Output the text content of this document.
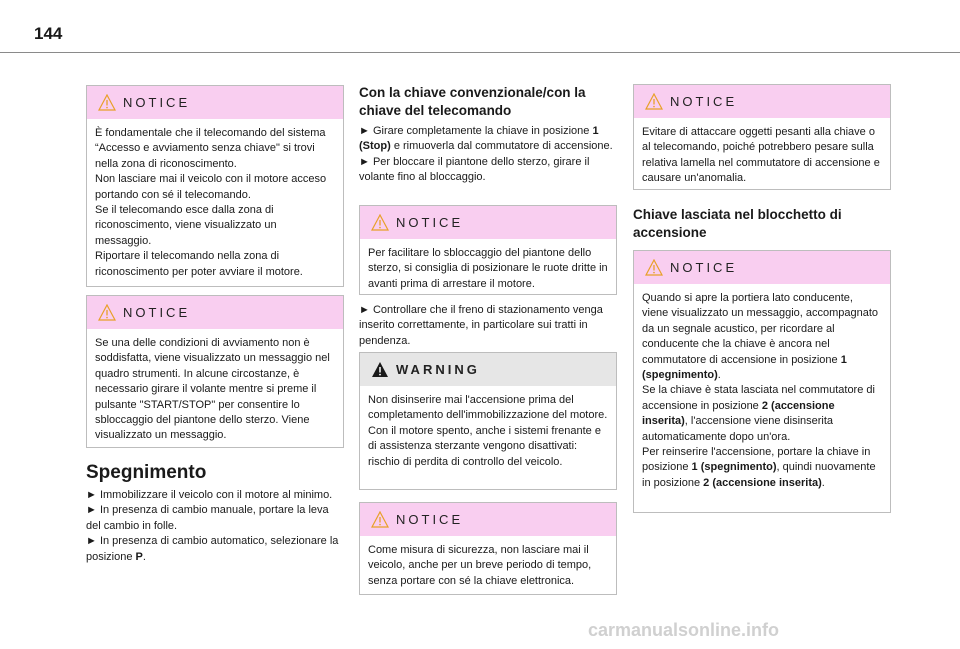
144
NOTICE
È fondamentale che il telecomando del sistema “Accesso e avviamento senza chiave" si trovi nella zona di riconoscimento.
Non lasciare mai il veicolo con il motore acceso portando con sé il telecomando.
Se il telecomando esce dalla zona di riconoscimento, viene visualizzato un messaggio.
Riportare il telecomando nella zona di riconoscimento per poter avviare il motore.
NOTICE
Se una delle condizioni di avviamento non è soddisfatta, viene visualizzato un messaggio nel quadro strumenti. In alcune circostanze, è necessario girare il volante mentre si preme il pulsante "START/STOP" per consentire lo sbloccaggio del piantone dello sterzo. Viene visualizzato un messaggio.
Spegnimento
► Immobilizzare il veicolo con il motore al minimo.
► In presenza di cambio manuale, portare la leva del cambio in folle.
► In presenza di cambio automatico, selezionare la posizione P.
Con la chiave convenzionale/con la chiave del telecomando
► Girare completamente la chiave in posizione 1 (Stop) e rimuoverla dal commutatore di accensione.
► Per bloccare il piantone dello sterzo, girare il volante fino al bloccaggio.
NOTICE
Per facilitare lo sbloccaggio del piantone dello sterzo, si consiglia di posizionare le ruote dritte in avanti prima di arrestare il motore.
► Controllare che il freno di stazionamento venga inserito correttamente, in particolare sui tratti in pendenza.
WARNING
Non disinserire mai l'accensione prima del completamento dell'immobilizzazione del motore. Con il motore spento, anche i sistemi frenante e di assistenza sterzante vengono disattivati: rischio di perdita di controllo del veicolo.
NOTICE
Come misura di sicurezza, non lasciare mai il veicolo, anche per un breve periodo di tempo, senza portare con sé la chiave elettronica.
NOTICE
Evitare di attaccare oggetti pesanti alla chiave o al telecomando, poiché potrebbero pesare sulla relativa lamella nel commutatore di accensione e causare un'anomalia.
Chiave lasciata nel blocchetto di accensione
NOTICE
Quando si apre la portiera lato conducente, viene visualizzato un messaggio, accompagnato da un segnale acustico, per ricordare al conducente che la chiave è ancora nel commutatore di accensione in posizione 1 (spegnimento).
Se la chiave è stata lasciata nel commutatore di accensione in posizione 2 (accensione inserita), l'accensione viene disinserita automaticamente dopo un'ora.
Per reinserire l'accensione, portare la chiave in posizione 1 (spegnimento), quindi nuovamente in posizione 2 (accensione inserita).
carmanualsonline.info
